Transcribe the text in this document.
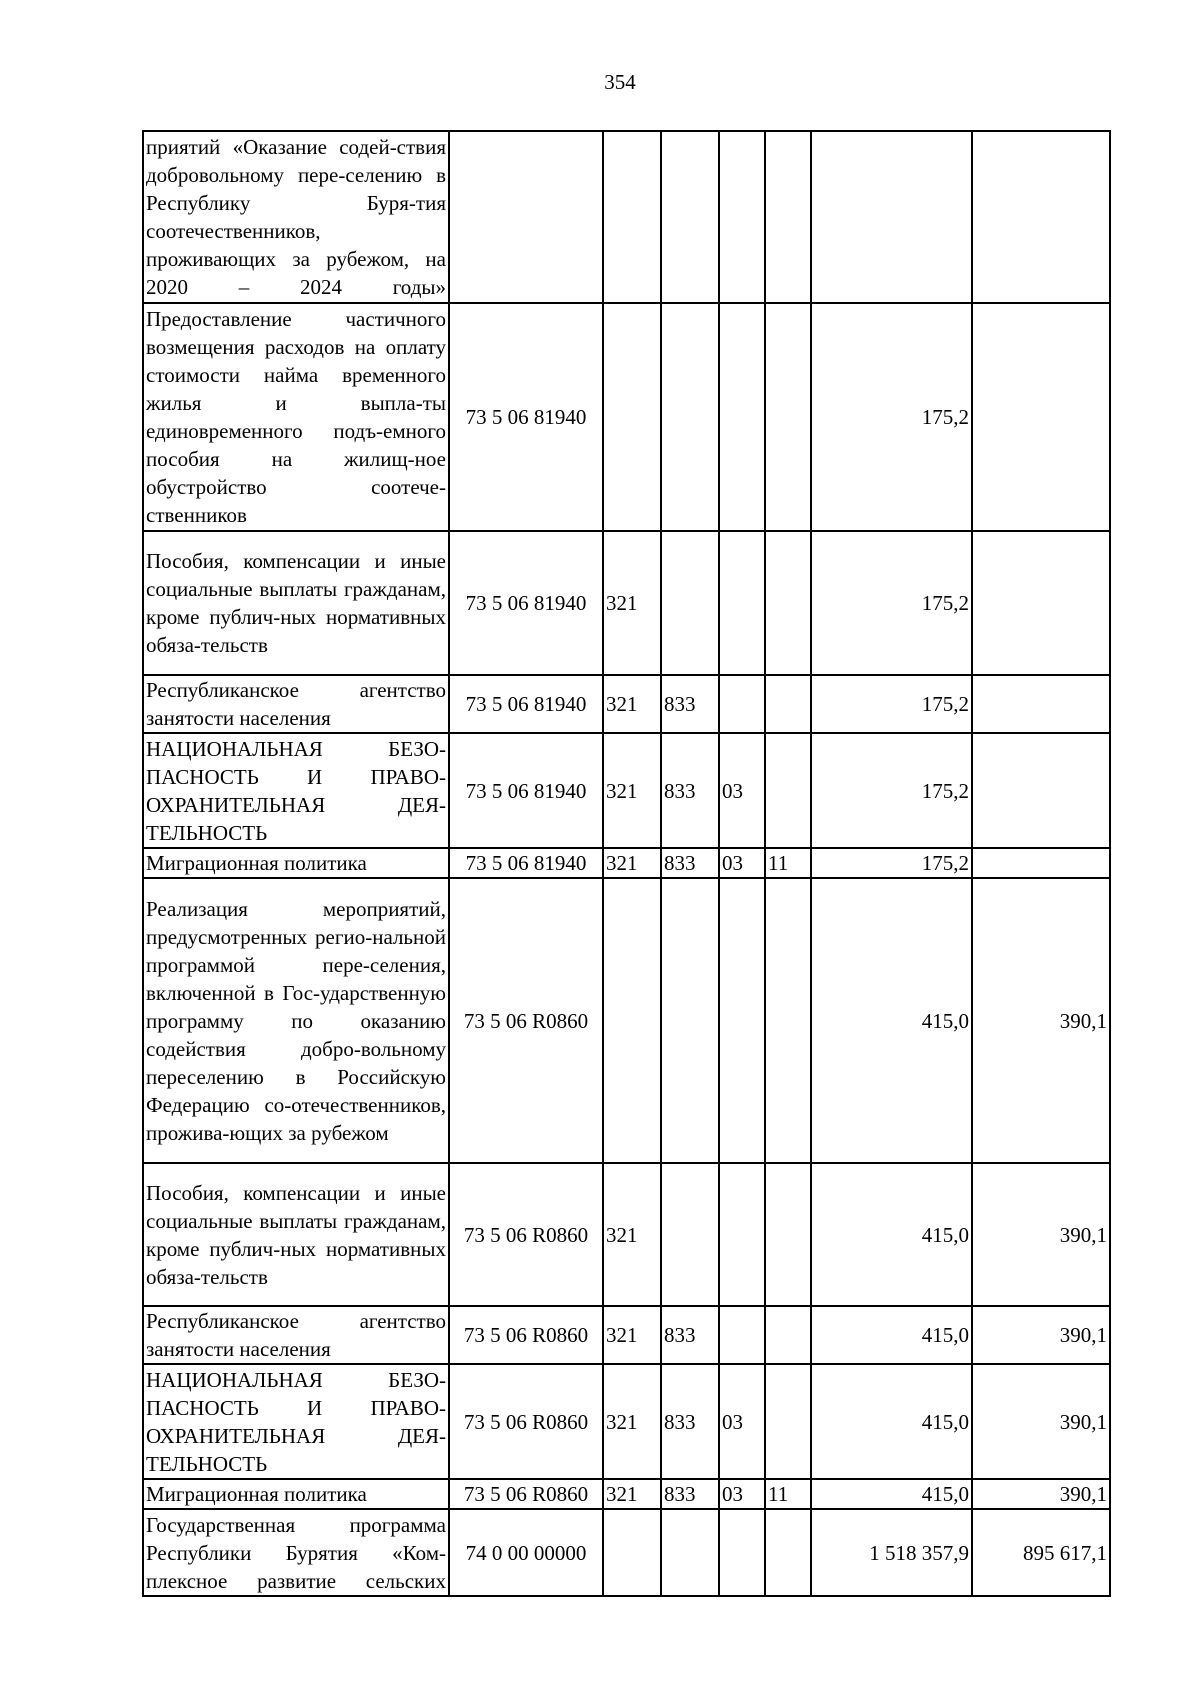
354
приятий «Оказание содей-ствия добровольному пере-селению в Республику Буря-тия соотечественников, проживающих за рубежом, на 2020 – 2024 годы»							
Предоставление частичного возмещения расходов на оплату стоимости найма временного жилья и выпла-ты единовременного подъ-емного пособия на жилищ-ное обустройство соотече-ственников	73 5 06 81940					175,2	
Пособия, компенсации и иные социальные выплаты гражданам, кроме публич-ных нормативных обяза-тельств	73 5 06 81940	321				175,2	
Республиканское агентство занятости населения	73 5 06 81940	321	833			175,2	
НАЦИОНАЛЬНАЯ БЕЗО-ПАСНОСТЬ И ПРАВО-ОХРАНИТЕЛЬНАЯ ДЕЯ-ТЕЛЬНОСТЬ	73 5 06 81940	321	833	03		175,2	
Миграционная политика	73 5 06 81940	321	833	03	11	175,2	
Реализация мероприятий, предусмотренных регио-нальной программой пере-селения, включенной в Гос-ударственную программу по оказанию содействия добро-вольному переселению в Российскую Федерацию со-отечественников, прожива-ющих за рубежом	73 5 06 R0860					415,0	390,1
Пособия, компенсации и иные социальные выплаты гражданам, кроме публич-ных нормативных обяза-тельств	73 5 06 R0860	321				415,0	390,1
Республиканское агентство занятости населения	73 5 06 R0860	321	833			415,0	390,1
НАЦИОНАЛЬНАЯ БЕЗО-ПАСНОСТЬ И ПРАВО-ОХРАНИТЕЛЬНАЯ ДЕЯ-ТЕЛЬНОСТЬ	73 5 06 R0860	321	833	03		415,0	390,1
Миграционная политика	73 5 06 R0860	321	833	03	11	415,0	390,1
Государственная программа Республики Бурятия «Ком-плексное развитие сельских	74 0 00 00000					1 518 357,9	895 617,1
